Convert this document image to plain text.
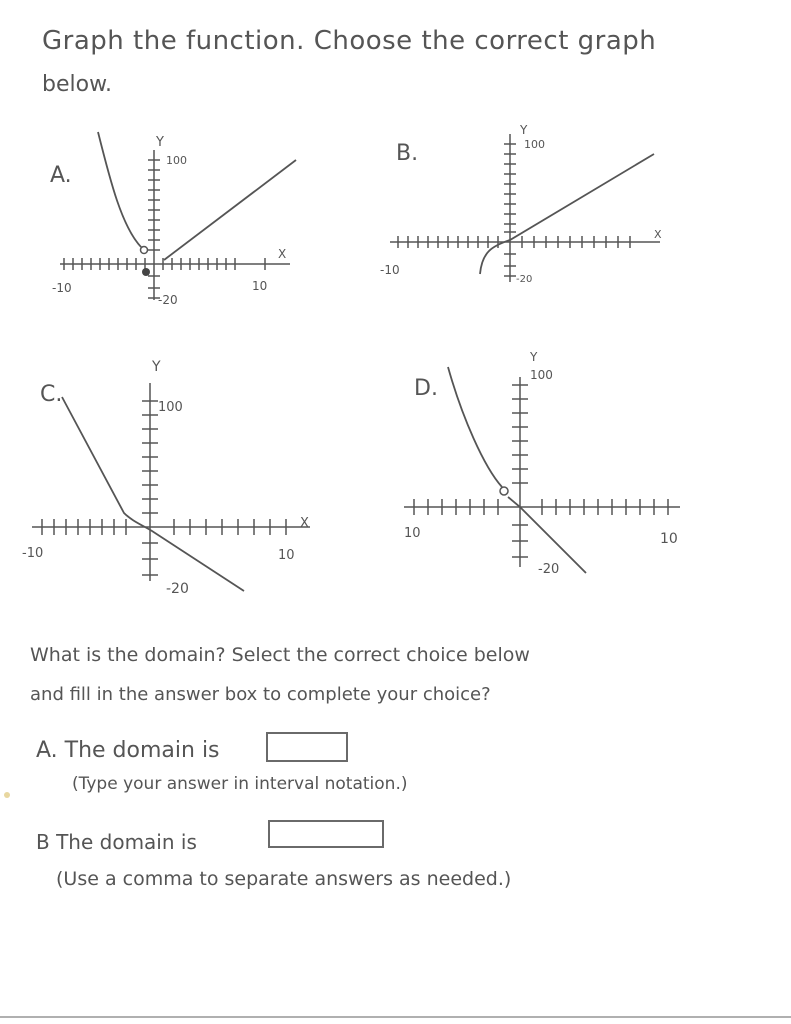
Graph the function. Choose the correct graph
below.
A.
Y
X
100
-20
-10	10
B.
Y
X
100
-20
-10
C.
Y
X
100
-20
-10	10
D.
Y
100
-20
10	10
What is the domain? Select the correct choice below
and fill in the answer box to complete your choice?
A. The domain is
(Type your answer in interval notation.)
B The domain is
(Use a comma to separate answers as needed.)
